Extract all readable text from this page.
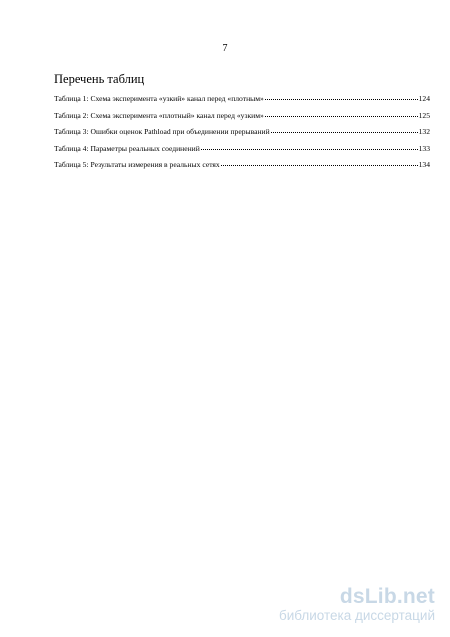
7
Перечень таблиц
Таблица 1: Схема эксперимента «узкий» канал перед «плотным»	124
Таблица 2: Схема эксперимента «плотный» канал перед «узким»	125
Таблица 3: Ошибки оценок Pathload при объединении прерываний	132
Таблица 4: Параметры реальных соединений	133
Таблица 5: Результаты измерения в реальных сетях	134
dsLib.net
библиотека диссертаций
